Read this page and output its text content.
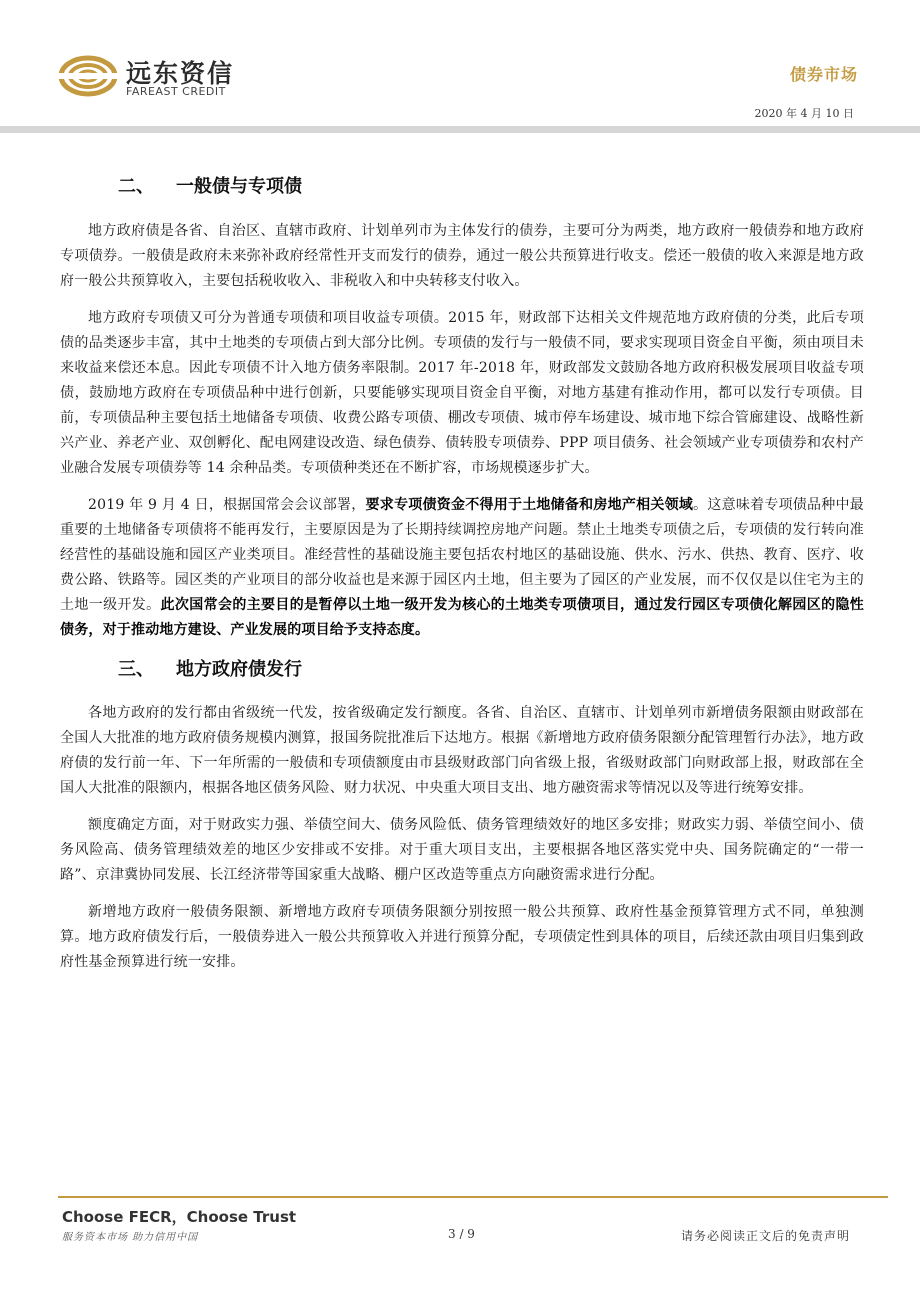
远东资信
FAREAST CREDIT
债券市场
2020 年 4 月 10 日
二、 一般债与专项债

地方政府债是各省、自治区、直辖市政府、计划单列市为主体发行的债券，主要可分为两类，地方政府一般债券和地方政府专项债券。一般债是政府未来弥补政府经常性开支而发行的债券，通过一般公共预算进行收支。偿还一般债的收入来源是地方政府一般公共预算收入，主要包括税收收入、非税收入和中央转移支付收入。

地方政府专项债又可分为普通专项债和项目收益专项债。2015 年，财政部下达相关文件规范地方政府债的分类，此后专项债的品类逐步丰富，其中土地类的专项债占到大部分比例。专项债的发行与一般债不同，要求实现项目资金自平衡，须由项目未来收益来偿还本息。因此专项债不计入地方债务率限制。2017 年-2018 年，财政部发文鼓励各地方政府积极发展项目收益专项债，鼓励地方政府在专项债品种中进行创新，只要能够实现项目资金自平衡，对地方基建有推动作用，都可以发行专项债。目前，专项债品种主要包括土地储备专项债、收费公路专项债、棚改专项债、城市停车场建设、城市地下综合管廊建设、战略性新兴产业、养老产业、双创孵化、配电网建设改造、绿色债券、债转股专项债券、PPP 项目债务、社会领域产业专项债券和农村产业融合发展专项债券等 14 余种品类。专项债种类还在不断扩容，市场规模逐步扩大。

2019 年 9 月 4 日，根据国常会会议部署，要求专项债资金不得用于土地储备和房地产相关领域。这意味着专项债品种中最重要的土地储备专项债将不能再发行，主要原因是为了长期持续调控房地产问题。禁止土地类专项债之后，专项债的发行转向准经营性的基础设施和园区产业类项目。准经营性的基础设施主要包括农村地区的基础设施、供水、污水、供热、教育、医疗、收费公路、铁路等。园区类的产业项目的部分收益也是来源于园区内土地，但主要为了园区的产业发展，而不仅仅是以住宅为主的土地一级开发。此次国常会的主要目的是暂停以土地一级开发为核心的土地类专项债项目，通过发行园区专项债化解园区的隐性债务，对于推动地方建设、产业发展的项目给予支持态度。

三、 地方政府债发行

各地方政府的发行都由省级统一代发，按省级确定发行额度。各省、自治区、直辖市、计划单列市新增债务限额由财政部在全国人大批准的地方政府债务规模内测算，报国务院批准后下达地方。根据《新增地方政府债务限额分配管理暂行办法》，地方政府债的发行前一年、下一年所需的一般债和专项债额度由市县级财政部门向省级上报，省级财政部门向财政部上报，财政部在全国人大批准的限额内，根据各地区债务风险、财力状况、中央重大项目支出、地方融资需求等情况以及等进行统筹安排。

额度确定方面，对于财政实力强、举债空间大、债务风险低、债务管理绩效好的地区多安排；财政实力弱、举债空间小、债务风险高、债务管理绩效差的地区少安排或不安排。对于重大项目支出，主要根据各地区落实党中央、国务院确定的“一带一路”、京津冀协同发展、长江经济带等国家重大战略、棚户区改造等重点方向融资需求进行分配。

新增地方政府一般债务限额、新增地方政府专项债务限额分别按照一般公共预算、政府性基金预算管理方式不同，单独测算。地方政府债发行后，一般债券进入一般公共预算收入并进行预算分配，专项债定性到具体的项目，后续还款由项目归集到政府性基金预算进行统一安排。

Choose FECR，Choose Trust
服务资本市场 助力信用中国	3 / 9	请务必阅读正文后的免责声明
